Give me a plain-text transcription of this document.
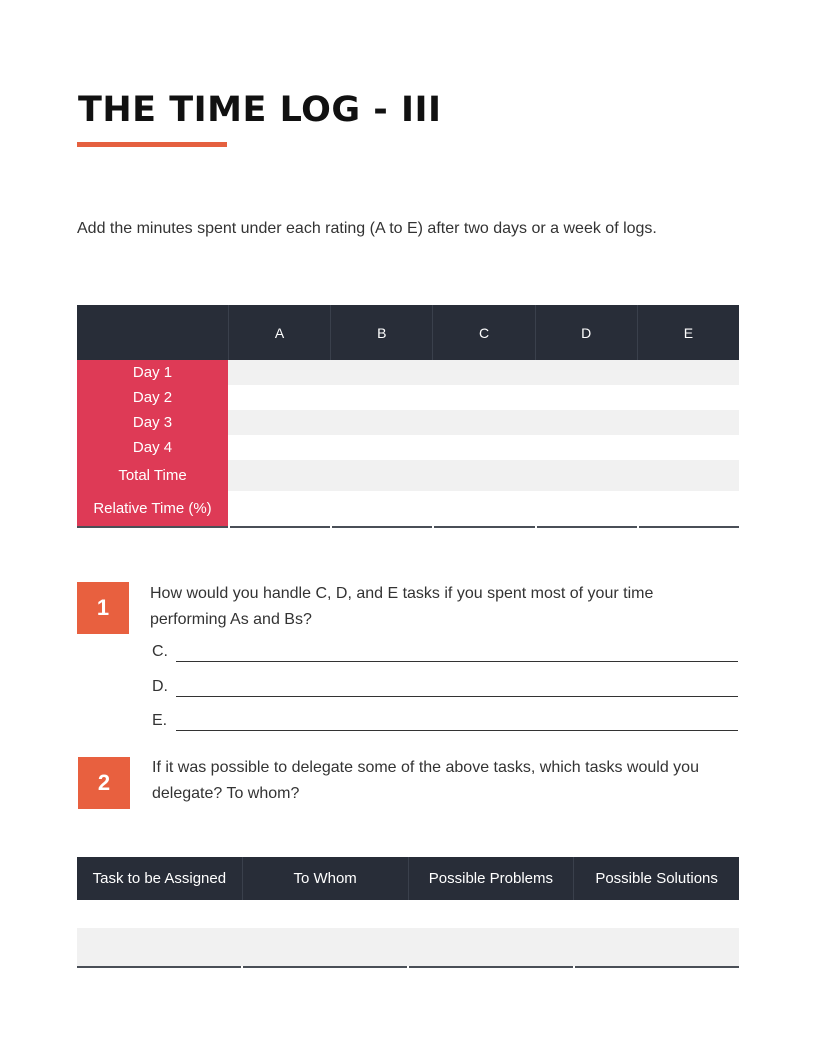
THE TIME LOG - III
Add the minutes spent under each rating (A to E) after two days or a week of logs.
A	B	C	D	E
Day 1
Day 2
Day 3
Day 4
Total Time
Relative Time (%)
1
How would you handle C, D, and E tasks if you spent most of your time performing As and Bs?
C.
D.
E.
2
If it was possible to delegate some of the above tasks, which tasks would you delegate? To whom?
Task to be Assigned	To Whom	Possible Problems	Possible Solutions
